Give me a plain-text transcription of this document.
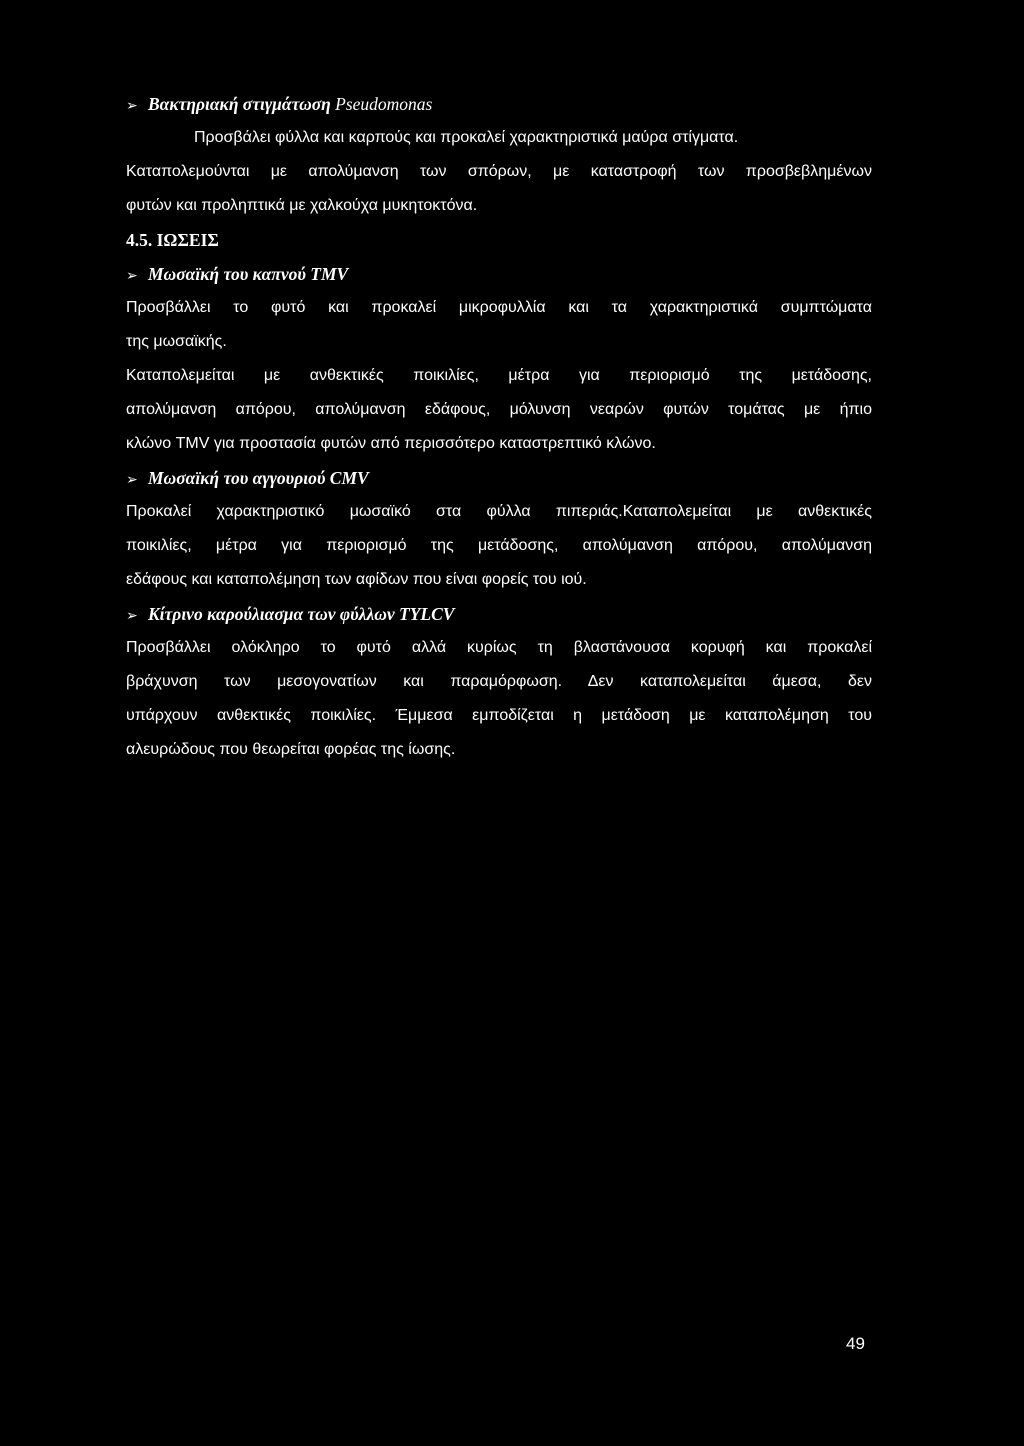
➢ Βακτηριακή στιγμάτωση
Pseudomonas
Προσβάλει φύλλα και καρπούς και προκαλεί χαρακτηριστικά μαύρα στίγματα.
Καταπολεμούνται με απολύμανση των σπόρων, με καταστροφή των προσβεβλημένων
φυτών και προληπτικά με χαλκούχα μυκητοκτόνα.
4.5. ΙΩΣΕΙΣ
➢ Μωσαϊκή του καπνού TMV
Προσβάλλει το φυτό και προκαλεί μικροφυλλία και τα χαρακτηριστικά συμπτώματα
της μωσαϊκής.
Καταπολεμείται με ανθεκτικές ποικιλίες, μέτρα για περιορισμό της μετάδοσης,
απολύμανση απόρου, απολύμανση εδάφους, μόλυνση νεαρών φυτών τομάτας με ήπιο
κλώνο TMV για προστασία φυτών από περισσότερο καταστρεπτικό κλώνο.
➢ Μωσαϊκή του αγγουριού CMV
Προκαλεί χαρακτηριστικό μωσαϊκό στα φύλλα πιπεριάς.Καταπολεμείται με ανθεκτικές
ποικιλίες, μέτρα για περιορισμό της μετάδοσης, απολύμανση απόρου, απολύμανση
εδάφους και καταπολέμηση των αφίδων που είναι φορείς του ιού.
➢ Κίτρινο καρούλιασμα των φύλλων TYLCV
Προσβάλλει ολόκληρο το φυτό αλλά κυρίως τη βλαστάνουσα κορυφή και προκαλεί
βράχυνση των μεσογονατίων και παραμόρφωση. Δεν καταπολεμείται άμεσα, δεν
υπάρχουν ανθεκτικές ποικιλίες. Έμμεσα εμποδίζεται η μετάδοση με καταπολέμηση του
αλευρώδους που θεωρείται φορέας της ίωσης.
49
